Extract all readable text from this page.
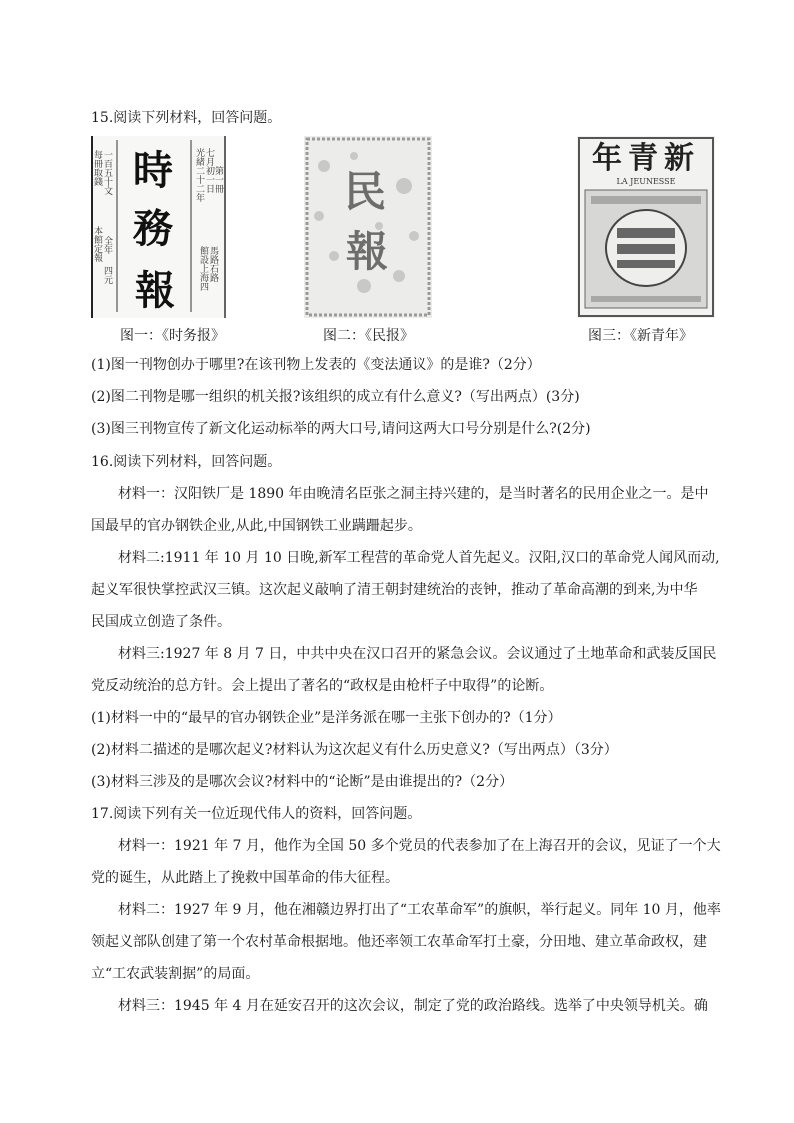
15.阅读下列材料，回答问题。
每冊取錢 一百五十文
本館定報 全年
四元
光緒二十二年 七月初一日 第一冊
館設上海四 馬路石路
時
務
報
民
報
年青新
LA JEUNESSE
图一：《时务报》	图二：《民报》	图三：《新青年》
(1)图一刊物创办于哪里?在该刊物上发表的《变法通议》的是谁?（2分）
(2)图二刊物是哪一组织的机关报?该组织的成立有什么意义?（写出两点）(3分)
(3)图三刊物宣传了新文化运动标举的两大口号,请问这两大口号分别是什么?(2分)
16.阅读下列材料，回答问题。
材料一：汉阳铁厂是 1890 年由晚清名臣张之洞主持兴建的，是当时著名的民用企业之一。是中
国最早的官办钢铁企业,从此,中国钢铁工业蹒跚起步。
材料二:1911 年 10 月 10 日晚,新军工程营的革命党人首先起义。汉阳,汉口的革命党人闻风而动,
起义军很快掌控武汉三镇。这次起义敲响了清王朝封建统治的丧钟，推动了革命高潮的到来,为中华
民国成立创造了条件。
材料三:1927 年 8 月 7 日，中共中央在汉口召开的紧急会议。会议通过了土地革命和武装反国民
党反动统治的总方针。会上提出了著名的“政权是由枪杆子中取得”的论断。
(1)材料一中的“最早的官办钢铁企业”是洋务派在哪一主张下创办的?（1分）
(2)材料二描述的是哪次起义?材料认为这次起义有什么历史意义?（写出两点）（3分）
(3)材料三涉及的是哪次会议?材料中的“论断”是由谁提出的?（2分）
17.阅读下列有关一位近现代伟人的资料，回答问题。
材料一：1921 年 7 月，他作为全国 50 多个党员的代表参加了在上海召开的会议，见证了一个大
党的诞生，从此踏上了挽救中国革命的伟大征程。
材料二：1927 年 9 月，他在湘赣边界打出了“工农革命军”的旗帜，举行起义。同年 10 月，他率
领起义部队创建了第一个农村革命根据地。他还率领工农革命军打土豪，分田地、建立革命政权，建
立“工农武装割据”的局面。
材料三：1945 年 4 月在延安召开的这次会议，制定了党的政治路线。选举了中央领导机关。确
